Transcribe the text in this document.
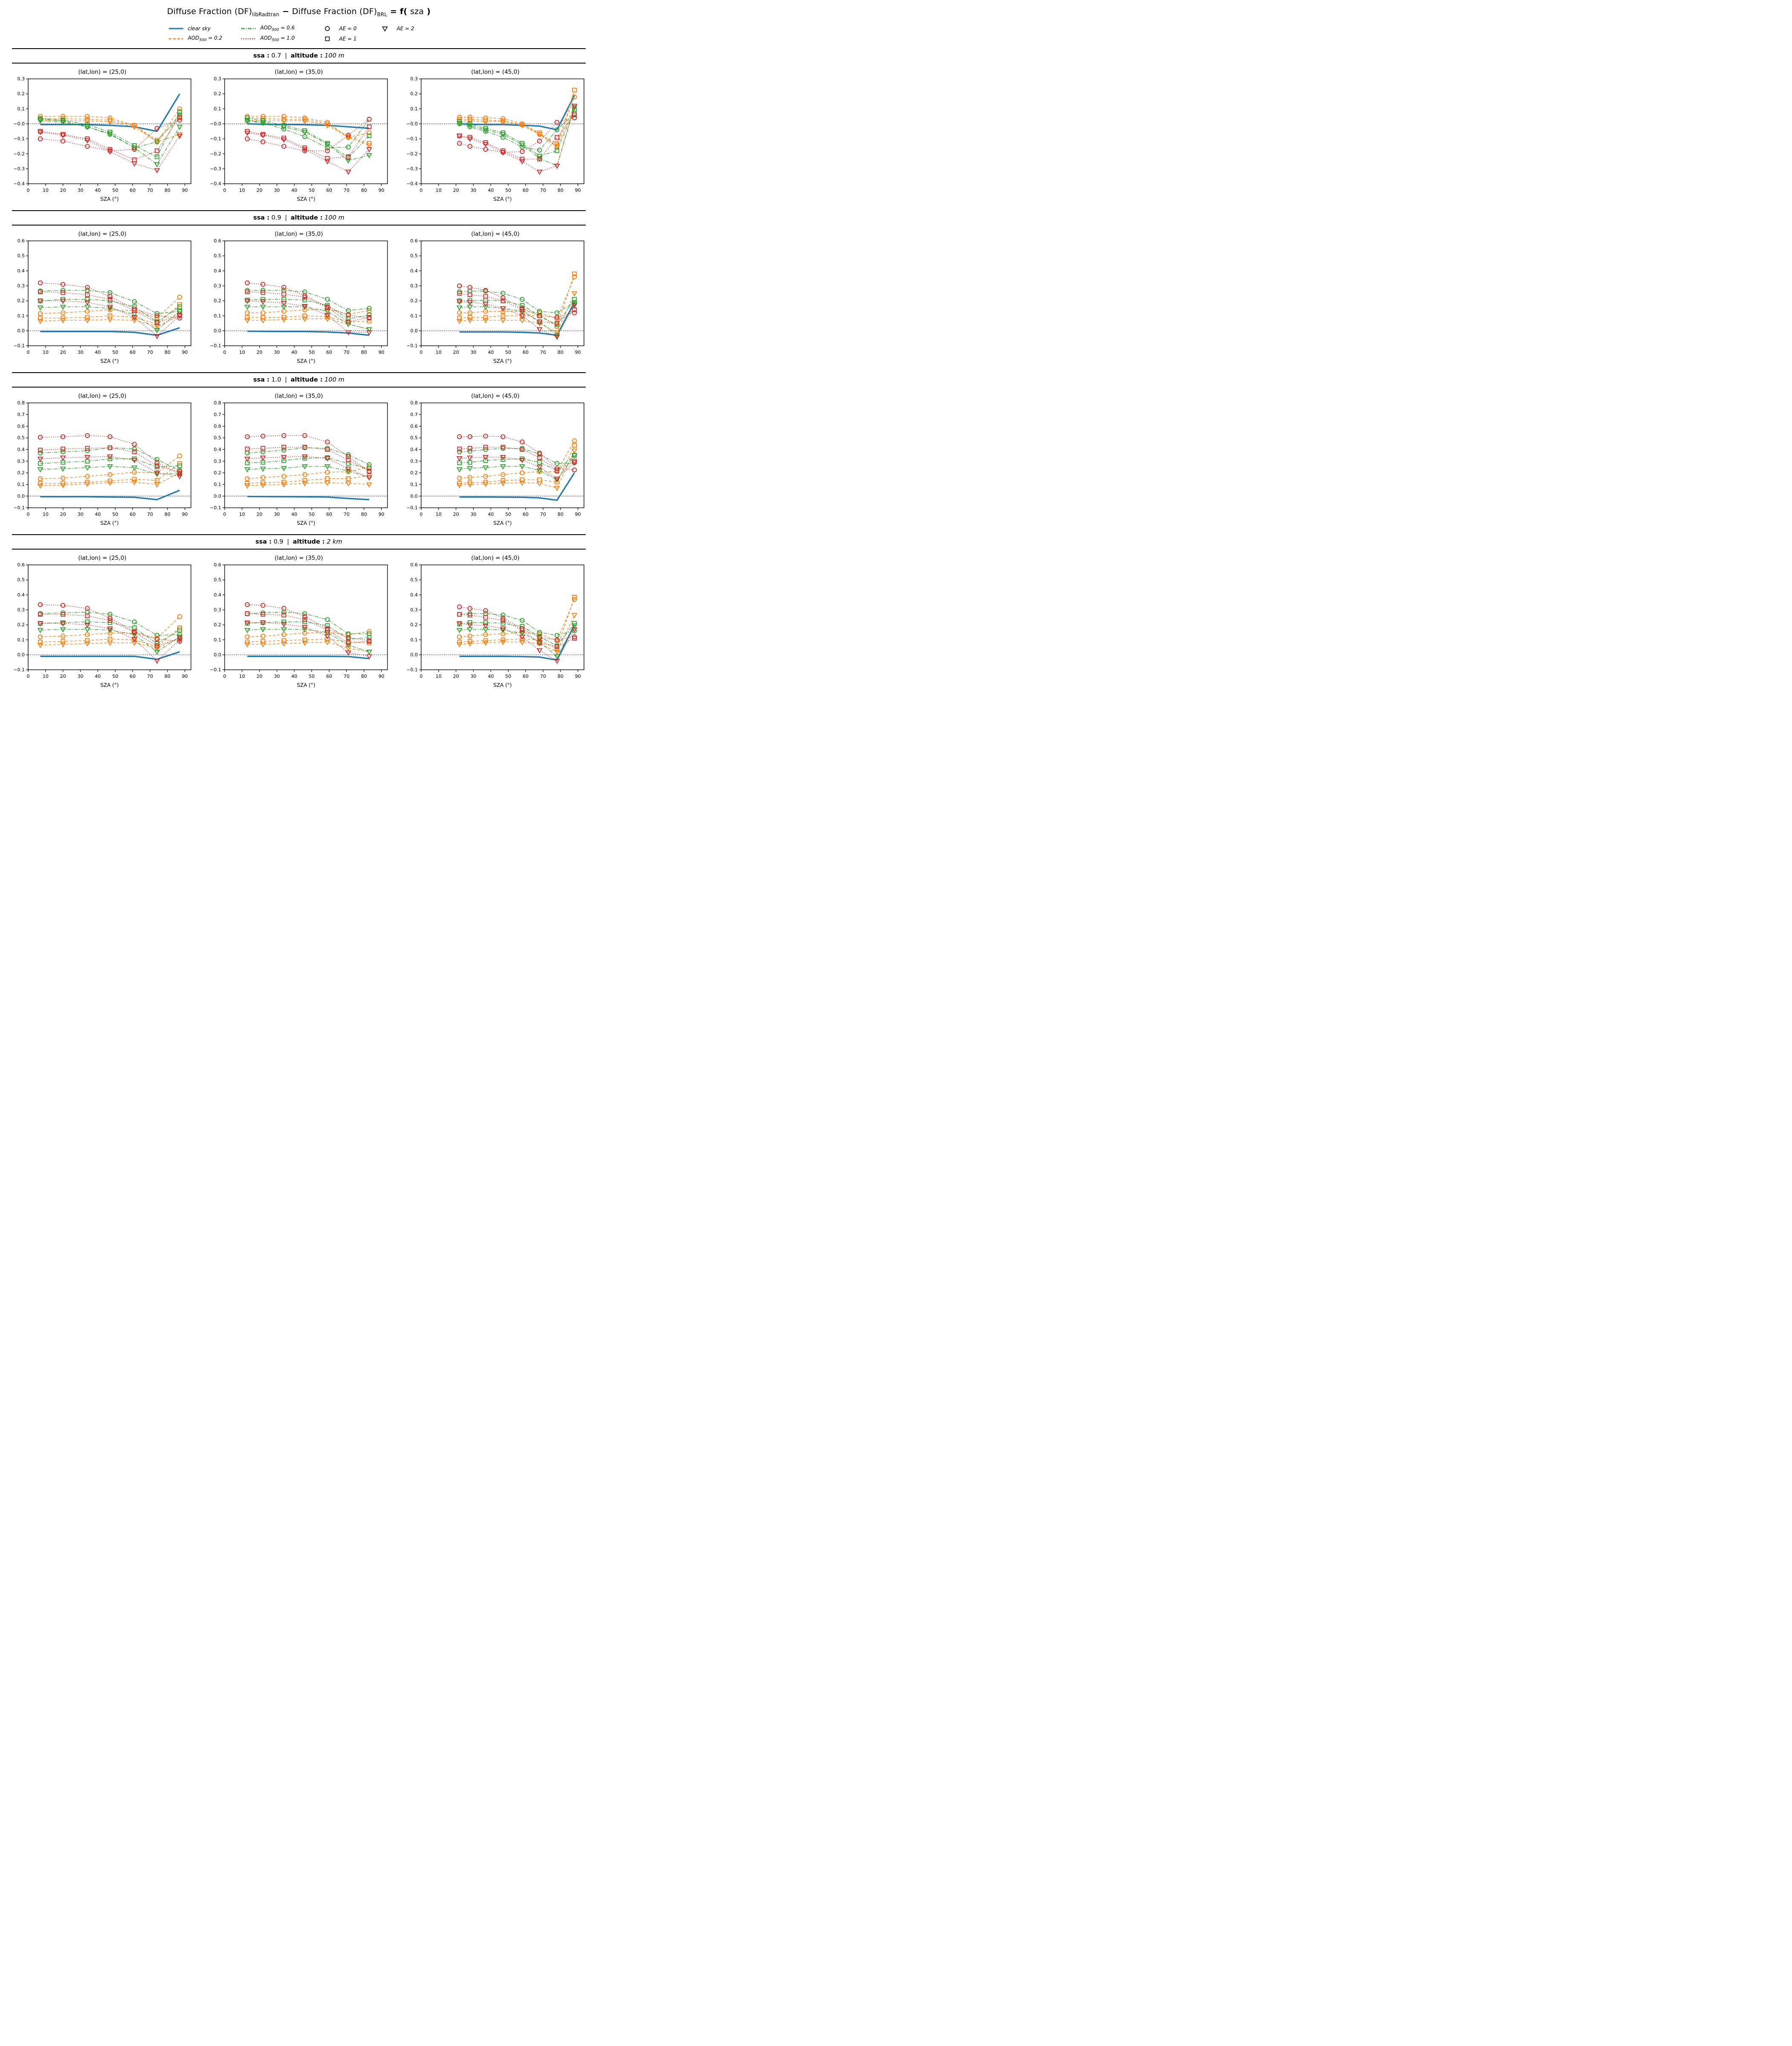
Diffuse Fraction $(DF)_{libRadtran}$ − Diffuse Fraction $(DF)_{BRL} = f$( sza )
clear sky
$AOD_{500} = 0.2$
$AOD_{500} = 0.6$
$AOD_{500} = 1.0$
AE = 0
AE = 1
AE = 2
ssa : 0.7 | altitude : 100 m
(lat,lon) = (25,0)
0	10 20 30 40 50 60 70 80 90
−0.4
−0.3
−0.2
−0.1
−0.0
0.1
0.2
0.3
SZA (°)
(lat,lon) = (35,0)
0	10 20 30 40 50 60 70 80 90
−0.4
−0.3
−0.2
−0.1
−0.0
0.1
0.2
0.3
SZA (°)
(lat,lon) = (45,0)
0	10 20 30 40 50 60 70 80 90
−0.4
−0.3
−0.2
−0.1
−0.0
0.1
0.2
0.3
SZA (°)
ssa : 0.9 | altitude : 100 m
(lat,lon) = (25,0)
0	10 20 30 40 50 60 70 80 90
−0.1
0.0
0.1
0.2
0.3
0.4
0.5
0.6
SZA (°)
(lat,lon) = (35,0)
0	10 20 30 40 50 60 70 80 90
−0.1
0.0
0.1
0.2
0.3
0.4
0.5
0.6
SZA (°)
(lat,lon) = (45,0)
0	10 20 30 40 50 60 70 80 90
−0.1
0.0
0.1
0.2
0.3
0.4
0.5
0.6
SZA (°)
ssa : 1.0 | altitude : 100 m
(lat,lon) = (25,0)
0	10 20 30 40 50 60 70 80 90
−0.1
0.0
0.1
0.2
0.3
0.4
0.5
0.6
0.7
0.8
SZA (°)
(lat,lon) = (35,0)
0	10 20 30 40 50 60 70 80 90
−0.1
0.0
0.1
0.2
0.3
0.4
0.5
0.6
0.7
0.8
SZA (°)
(lat,lon) = (45,0)
0	10 20 30 40 50 60 70 80 90
−0.1
0.0
0.1
0.2
0.3
0.4
0.5
0.6
0.7
0.8
SZA (°)
ssa : 0.9 | altitude : 2 km
(lat,lon) = (25,0)
0	10 20 30 40 50 60 70 80 90
−0.1
0.0
0.1
0.2
0.3
0.4
0.5
0.6
SZA (°)
(lat,lon) = (35,0)
0	10 20 30 40 50 60 70 80 90
−0.1
0.0
0.1
0.2
0.3
0.4
0.5
0.6
SZA (°)
(lat,lon) = (45,0)
0	10 20 30 40 50 60 70 80 90
−0.1
0.0
0.1
0.2
0.3
0.4
0.5
0.6
SZA (°)
